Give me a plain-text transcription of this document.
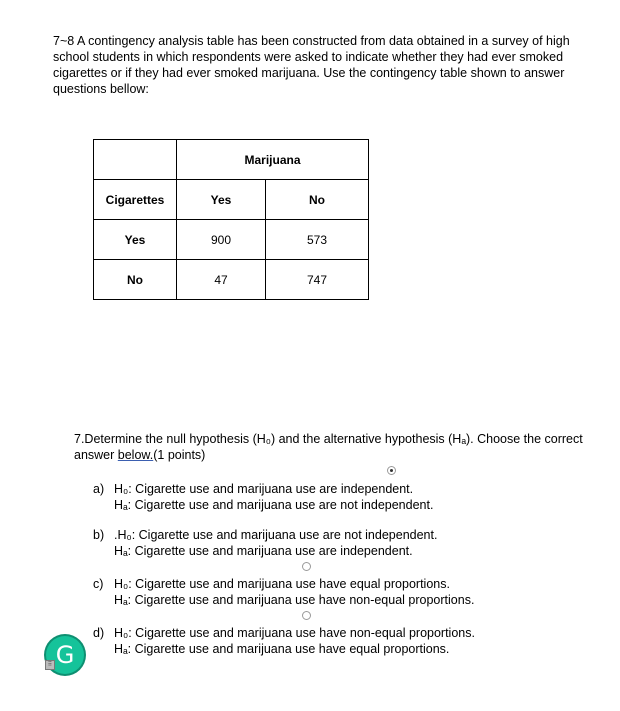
7~8 A contingency analysis table has been constructed from data obtained in a survey of high school students in which respondents were asked to indicate whether they had ever smoked cigarettes or if they had ever smoked marijuana. Use the contingency table shown to answer questions bellow:
	Marijuana	
Cigarettes	Yes	No
Yes	900	573
No	47	747
7.Determine the null hypothesis (H₀) and the alternative hypothesis (Hₐ). Choose the correct answer below.(1 points)
a) H₀: Cigarette use and marijuana use are independent.
Hₐ: Cigarette use and marijuana use are not independent.
b) .H₀: Cigarette use and marijuana use are not independent.
Hₐ: Cigarette use and marijuana use are independent.
c) H₀: Cigarette use and marijuana use have equal proportions.
Hₐ: Cigarette use and marijuana use have non-equal proportions.
d) H₀: Cigarette use and marijuana use have non-equal proportions.
Hₐ: Cigarette use and marijuana use have equal proportions.
G
⠿
